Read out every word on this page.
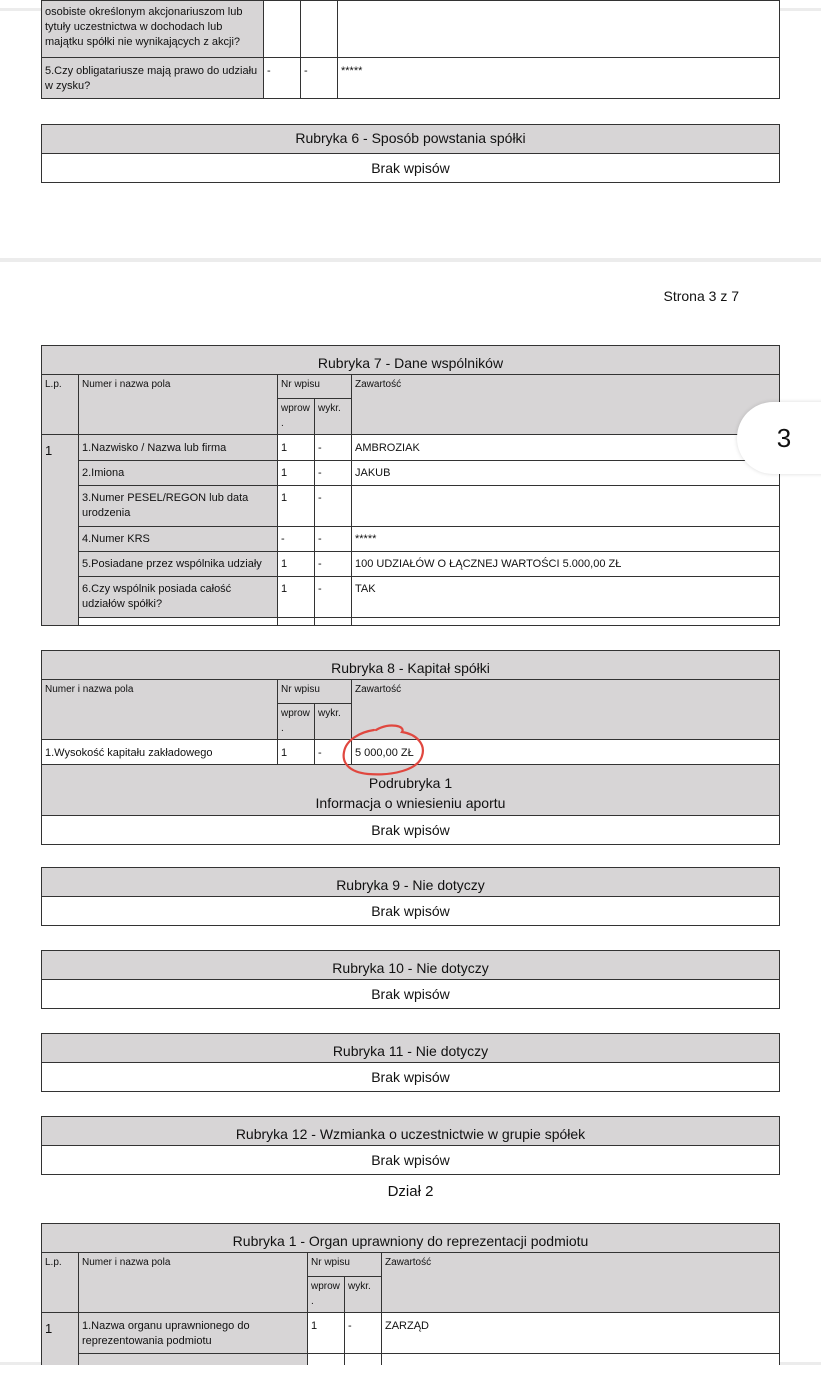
osobiste określonym akcjonariuszom lub tytuły uczestnictwa w dochodach lub majątku spółki nie wynikających z akcji?			
5.Czy obligatariusze mają prawo do udziału w zysku?	-	-	*****
Rubryka 6 - Sposób powstania spółki
Brak wpisów
Strona 3 z 7
Rubryka 7 - Dane wspólników				
L.p.	Numer i nazwa pola	Nr wpisu		Zawartość
		wprow
.	wykr.	
1	1.Nazwisko / Nazwa lub firma	1	-	AMBROZIAK
	2.Imiona	1	-	JAKUB
	3.Numer PESEL/REGON lub data urodzenia	1	-	
	4.Numer KRS	-	-	*****
	5.Posiadane przez wspólnika udziały	1	-	100 UDZIAŁÓW O ŁĄCZNEJ WARTOŚCI 5.000,00 ZŁ
	6.Czy wspólnik posiada całość udziałów spółki?	1	-	TAK

3
Rubryka 8 - Kapitał spółki			
Numer i nazwa pola	Nr wpisu		Zawartość
	wprow
.	wykr.	
1.Wysokość kapitału zakładowego	1	-	5 000,00 ZŁ

Podrubryka 1
Informacja o wniesieniu aportu			

Brak wpisów			
Rubryka 9 - Nie dotyczy
Brak wpisów
Rubryka 10 - Nie dotyczy
Brak wpisów
Rubryka 11 - Nie dotyczy
Brak wpisów
Rubryka 12 - Wzmianka o uczestnictwie w grupie spółek
Brak wpisów
Dział 2
Rubryka 1 - Organ uprawniony do reprezentacji podmiotu				
L.p.	Numer i nazwa pola	Nr wpisu		Zawartość
		wprow
.	wykr.	
1	1.Nazwa organu uprawnionego do reprezentowania podmiotu	1	-	ZARZĄD
